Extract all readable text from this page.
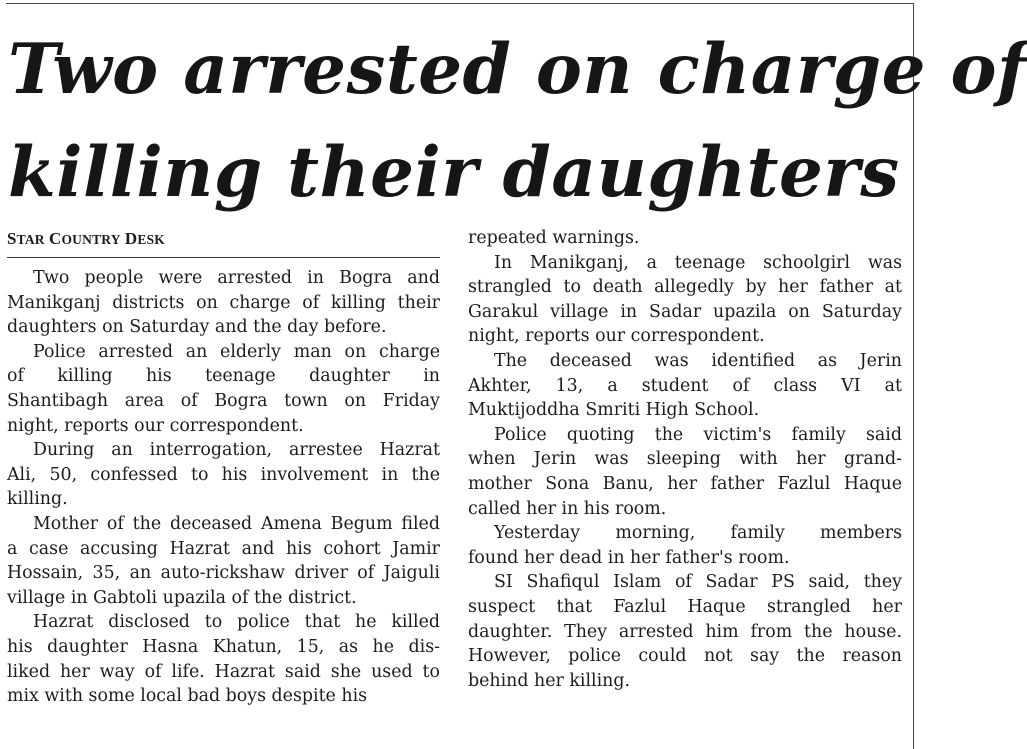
Two arrested on charge of
killing their daughters
STAR COUNTRY DESK
Two people were arrested in Bogra and
Manikganj districts on charge of killing their
daughters on Saturday and the day before.
Police arrested an elderly man on charge
of killing his teenage daughter in
Shantibagh area of Bogra town on Friday
night, reports our correspondent.
During an interrogation, arrestee Hazrat
Ali, 50, confessed to his involvement in the
killing.
Mother of the deceased Amena Begum filed
a case accusing Hazrat and his cohort Jamir
Hossain, 35, an auto-rickshaw driver of Jaiguli
village in Gabtoli upazila of the district.
Hazrat disclosed to police that he killed
his daughter Hasna Khatun, 15, as he dis-
liked her way of life. Hazrat said she used to
mix with some local bad boys despite his
repeated warnings.
In Manikganj, a teenage schoolgirl was
strangled to death allegedly by her father at
Garakul village in Sadar upazila on Saturday
night, reports our correspondent.
The deceased was identified as Jerin
Akhter, 13, a student of class VI at
Muktijoddha Smriti High School.
Police quoting the victim's family said
when Jerin was sleeping with her grand-
mother Sona Banu, her father Fazlul Haque
called her in his room.
Yesterday morning, family members
found her dead in her father's room.
SI Shafiqul Islam of Sadar PS said, they
suspect that Fazlul Haque strangled her
daughter. They arrested him from the house.
However, police could not say the reason
behind her killing.
